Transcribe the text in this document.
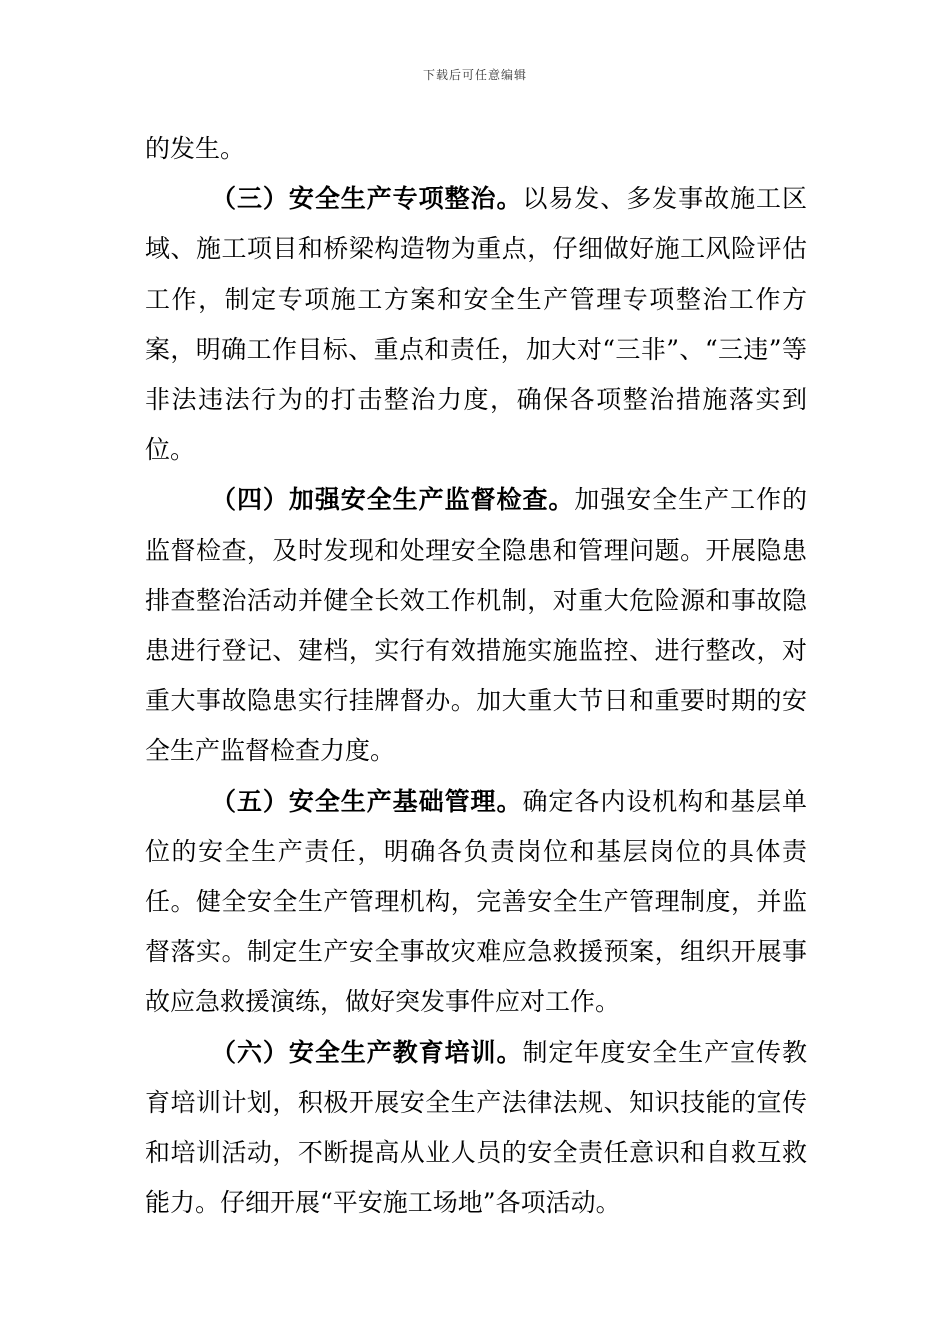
下载后可任意编辑

的发生。

（三）安全生产专项整治。以易发、多发事故施工区域、施工项目和桥梁构造物为重点，仔细做好施工风险评估工作，制定专项施工方案和安全生产管理专项整治工作方案，明确工作目标、重点和责任，加大对“三非”、“三违”等非法违法行为的打击整治力度，确保各项整治措施落实到位。

（四）加强安全生产监督检查。加强安全生产工作的监督检查，及时发现和处理安全隐患和管理问题。开展隐患排查整治活动并健全长效工作机制，对重大危险源和事故隐患进行登记、建档，实行有效措施实施监控、进行整改，对重大事故隐患实行挂牌督办。加大重大节日和重要时期的安全生产监督检查力度。

（五）安全生产基础管理。确定各内设机构和基层单位的安全生产责任，明确各负责岗位和基层岗位的具体责任。健全安全生产管理机构，完善安全生产管理制度，并监督落实。制定生产安全事故灾难应急救援预案，组织开展事故应急救援演练，做好突发事件应对工作。

（六）安全生产教育培训。制定年度安全生产宣传教育培训计划，积极开展安全生产法律法规、知识技能的宣传和培训活动，不断提高从业人员的安全责任意识和自救互救能力。仔细开展“平安施工场地”各项活动。
